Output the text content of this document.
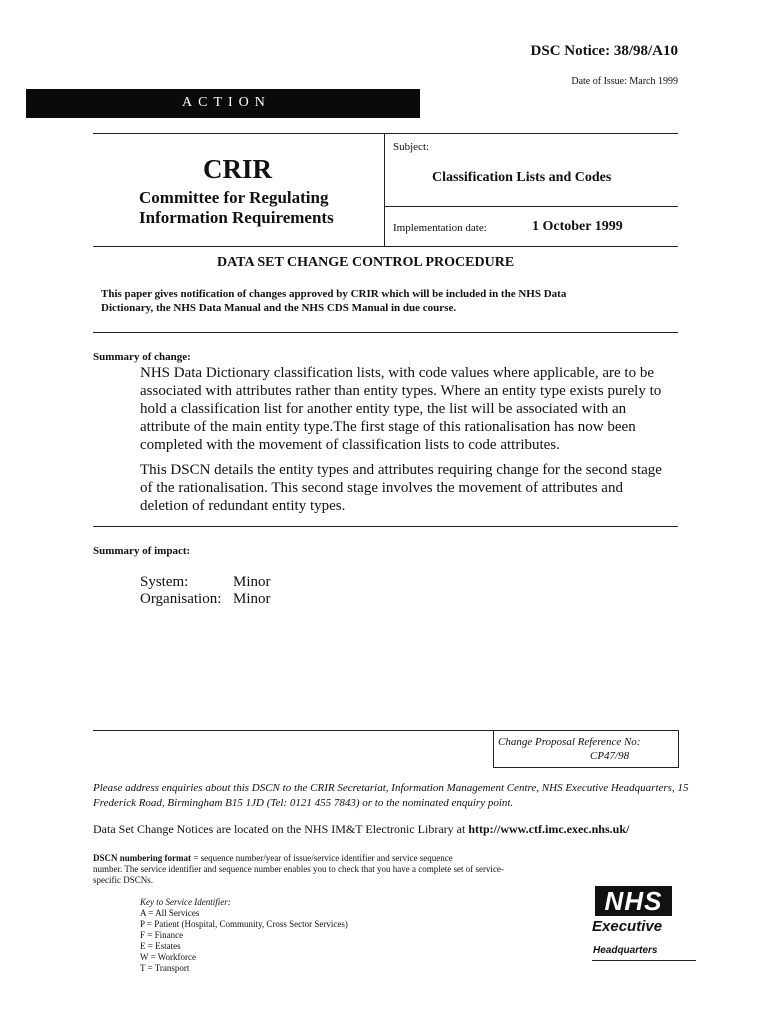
DSC Notice: 38/98/A10
Date of Issue: March 1999
ACTION
CRIR
Committee for Regulating
Information Requirements
Subject:
Classification Lists and Codes
Implementation date:	1 October 1999
DATA SET CHANGE CONTROL PROCEDURE
This paper gives notification of changes approved by CRIR which will be included in the NHS Data
Dictionary, the NHS Data Manual and the NHS CDS Manual in due course.
Summary of change:
NHS Data Dictionary classification lists, with code values where applicable, are to be
associated with attributes rather than entity types. Where an entity type exists purely to
hold a classification list for another entity type, the list will be associated with an
attribute of the main entity type.The first stage of this rationalisation has now been
completed with the movement of classification lists to code attributes.
This DSCN details the entity types and attributes requiring change for the second stage
of the rationalisation. This second stage involves the movement of attributes and
deletion of redundant entity types.
Summary of impact:
System:	Minor
Organisation: Minor
Change Proposal Reference No:
CP47/98
Please address enquiries about this DSCN to the CRIR Secretariat, Information Management Centre, NHS Executive Headquarters, 15
Frederick Road, Birmingham B15 1JD (Tel: 0121 455 7843) or to the nominated enquiry point.
Data Set Change Notices are located on the NHS IM&T Electronic Library at http://www.ctf.imc.exec.nhs.uk/
DSCN numbering format = sequence number/year of issue/service identifier and service sequence
number. The service identifier and sequence number enables you to check that you have a complete set of service-
specific DSCNs.
Key to Service Identifier:
A = All Services
P = Patient (Hospital, Community, Cross Sector Services)
F = Finance
E = Estates
W = Workforce
T = Transport
NHS
Executive
Headquarters
